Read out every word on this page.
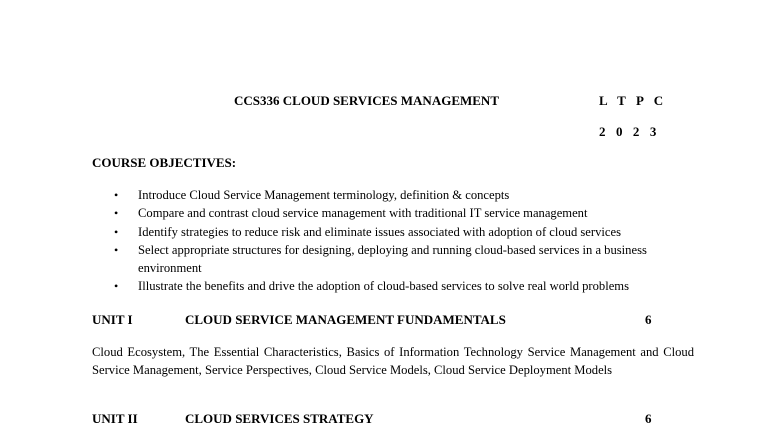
CCS336 CLOUD SERVICES MANAGEMENT	L T P C
2 0 2 3
COURSE OBJECTIVES:
• Introduce Cloud Service Management terminology, definition & concepts
• Compare and contrast cloud service management with traditional IT service management
• Identify strategies to reduce risk and eliminate issues associated with adoption of cloud services
• Select appropriate structures for designing, deploying and running cloud-based services in a business environment
• Illustrate the benefits and drive the adoption of cloud-based services to solve real world problems
UNIT I	CLOUD SERVICE MANAGEMENT FUNDAMENTALS	6

Cloud Ecosystem, The Essential Characteristics, Basics of Information Technology Service Management and Cloud Service Management, Service Perspectives, Cloud Service Models, Cloud Service Deployment Models

UNIT II	CLOUD SERVICES STRATEGY	6
